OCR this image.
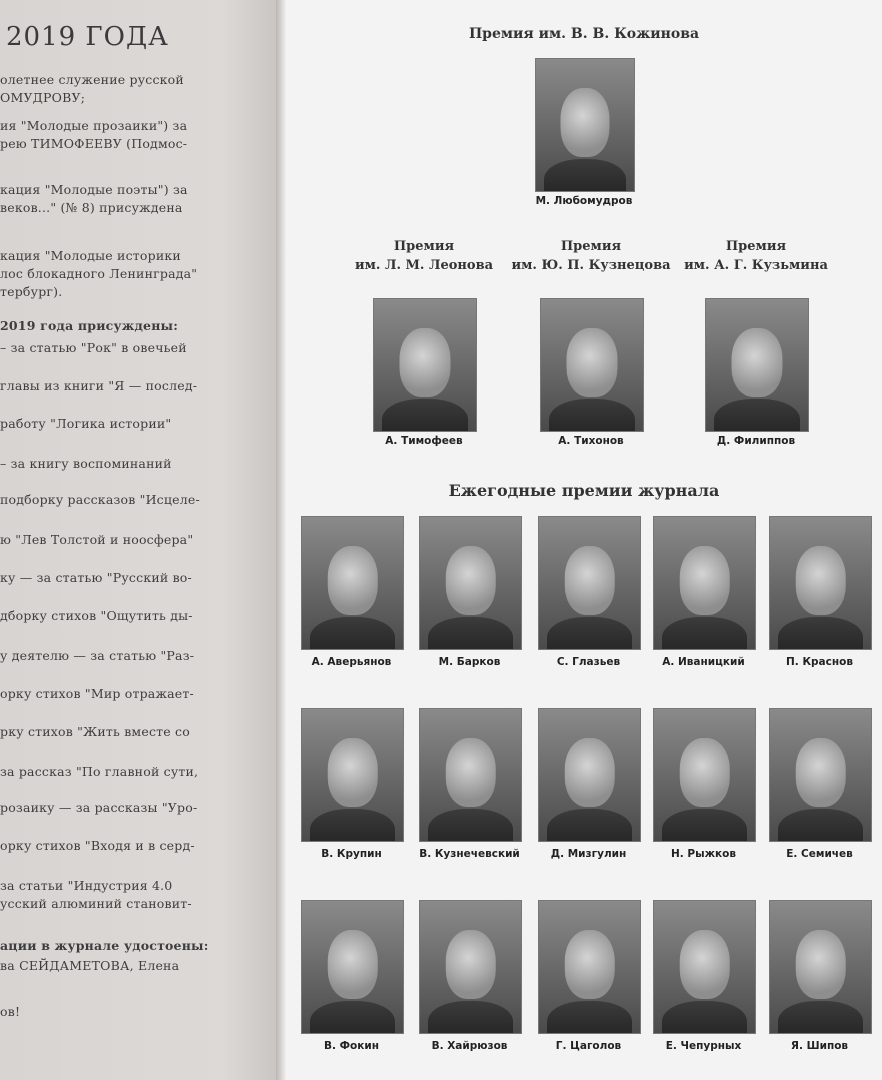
2019 ГОДА
олетнее служение русской
ОМУДРОВУ;
ия "Молодые прозаики") за
рею ТИМОФЕЕВУ (Подмос-
кация "Молодые поэты") за
веков..." (№ 8) присуждена
кация "Молодые историки
лос блокадного Ленинграда"
тербург).
2019 года присуждены:
– за статью "Рок" в овечьей
главы из книги "Я — послед-
работу "Логика истории"
– за книгу воспоминаний
подборку рассказов "Исцеле-
ю "Лев Толстой и ноосфера"
ку — за статью "Русский во-
дборку стихов "Ощутить ды-
у деятелю — за статью "Раз-
орку стихов "Мир отражает-
рку стихов "Жить вместе со
за рассказ "По главной сути,
розаику — за рассказы "Уро-
орку стихов "Входя и в серд-
за статьи "Индустрия 4.0
усский алюминий становит-
ации в журнале удостоены:
ва СЕЙДАМЕТОВА, Елена
ов!
Премия им. В. В. Кожинова
М. Любомудров
Премия
им. Л. М. Леонова
А. Тимофеев
Премия
им. Ю. П. Кузнецова
А. Тихонов
Премия
им. А. Г. Кузьмина
Д. Филиппов
Ежегодные премии журнала
А. Аверьянов	М. Барков	С. Глазьев	А. Иваницкий	П. Краснов
В. Крупин	В. Кузнечевский	Д. Мизгулин	Н. Рыжков	Е. Семичев
В. Фокин	В. Хайрюзов	Г. Цаголов	Е. Чепурных	Я. Шипов
